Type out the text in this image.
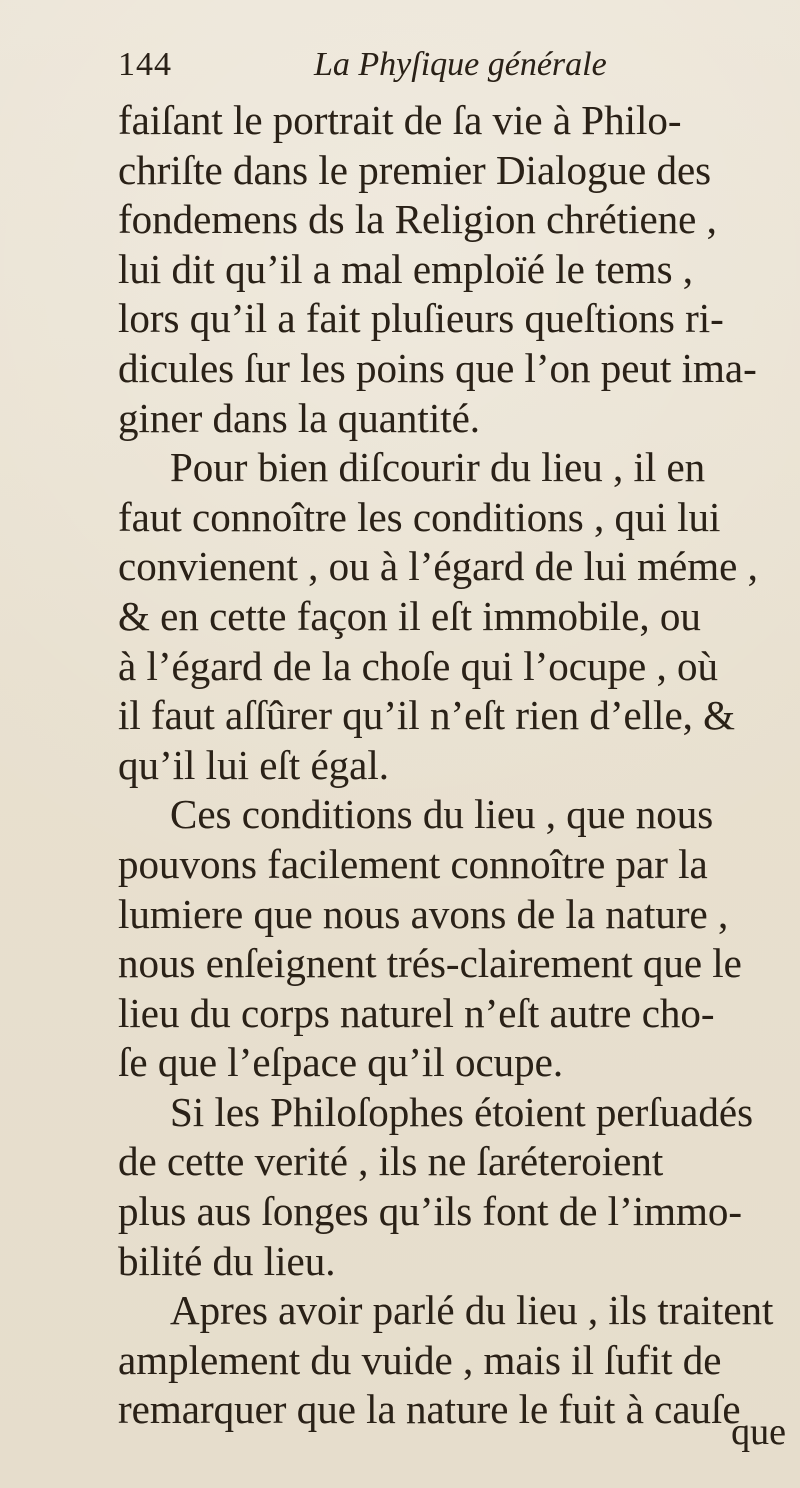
144	La Phyſique générale
faiſant le portrait de ſa vie à Philo-
chriſte dans le premier Dialogue des
fondemens ds la Religion chrétiene ,
lui dit qu’il a mal emploïé le tems ,
lors qu’il a fait pluſieurs queſtions ri-
dicules ſur les poins que l’on peut ima-
giner dans la quantité.
Pour bien diſcourir du lieu , il en
faut connoître les conditions , qui lui
convienent , ou à l’égard de lui méme ,
& en cette façon il eſt immobile, ou
à l’égard de la choſe qui l’ocupe , où
il faut aſſûrer qu’il n’eſt rien d’elle, &
qu’il lui eſt égal.
Ces conditions du lieu , que nous
pouvons facilement connoître par la
lumiere que nous avons de la nature ,
nous enſeignent trés-clairement que le
lieu du corps naturel n’eſt autre cho-
ſe que l’eſpace qu’il ocupe.
Si les Philoſophes étoient perſuadés
de cette verité , ils ne ſaréteroient
plus aus ſonges qu’ils font de l’immo-
bilité du lieu.
Apres avoir parlé du lieu , ils traitent
amplement du vuide , mais il ſufit de
remarquer que la nature le fuit à cauſe
que
